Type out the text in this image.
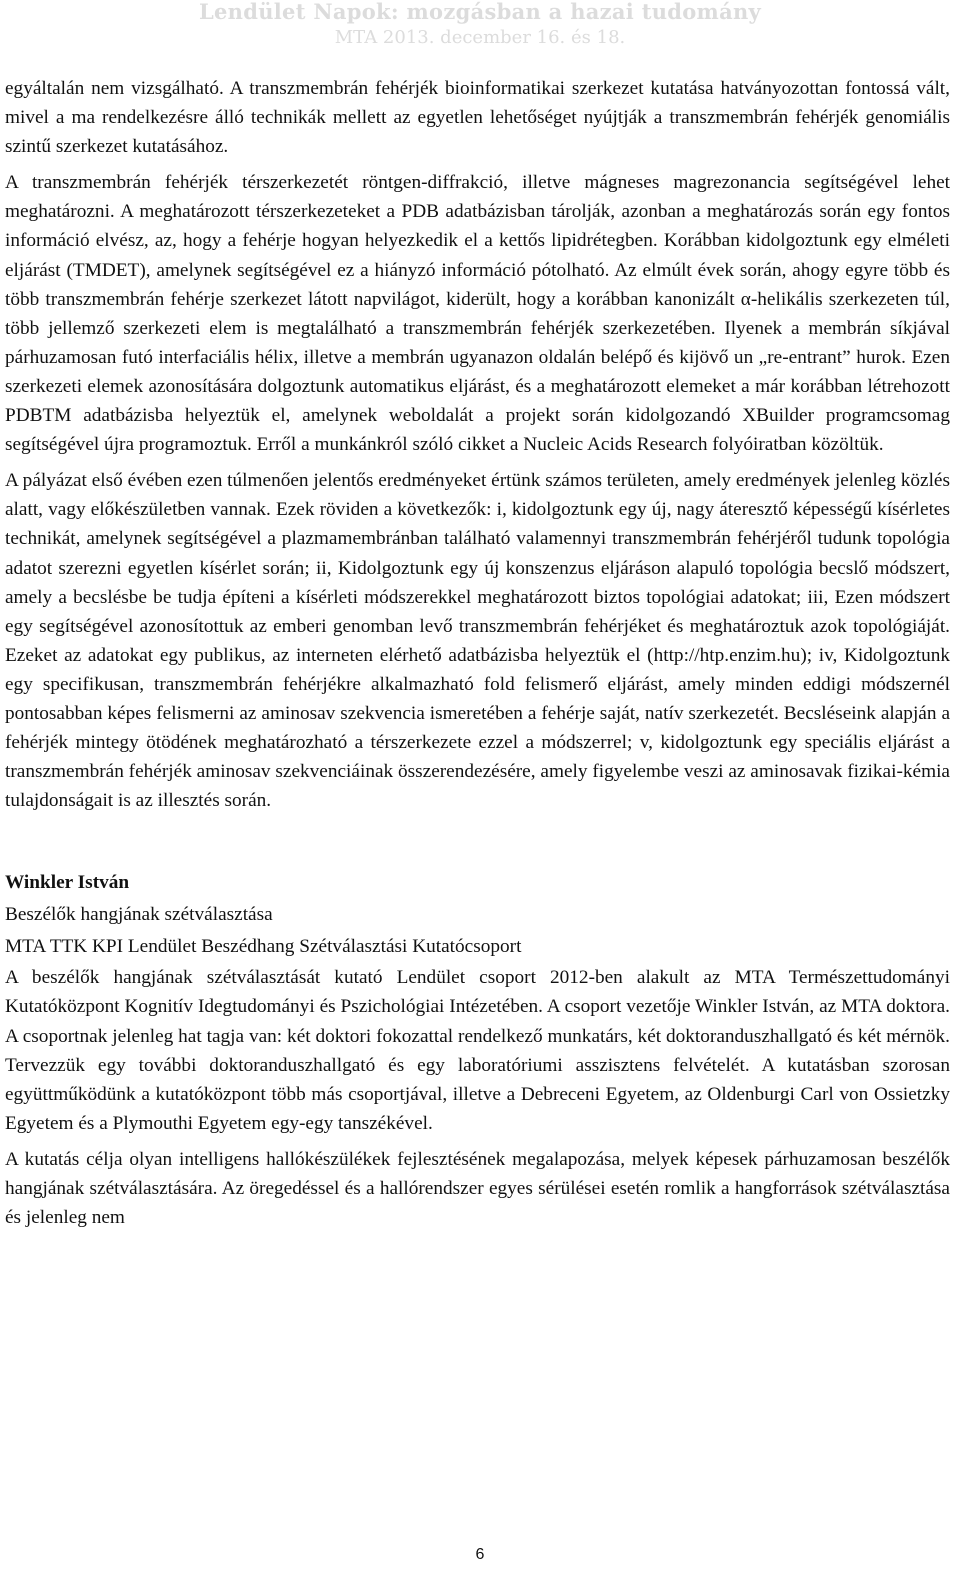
Lendület Napok: mozgásban a hazai tudomány
MTA 2013. december 16. és 18.

egyáltalán nem vizsgálható. A transzmembrán fehérjék bioinformatikai szerkezet kutatása hatványozottan fontossá vált, mivel a ma rendelkezésre álló technikák mellett az egyetlen lehetőséget nyújtják a transzmembrán fehérjék genomiális szintű szerkezet kutatásához.

A transzmembrán fehérjék térszerkezetét röntgen-diffrakció, illetve mágneses magrezonancia segítségével lehet meghatározni. A meghatározott térszerkezeteket a PDB adatbázisban tárolják, azonban a meghatározás során egy fontos információ elvész, az, hogy a fehérje hogyan helyezkedik el a kettős lipidrétegben. Korábban kidolgoztunk egy elméleti eljárást (TMDET), amelynek segítségével ez a hiányzó információ pótolható. Az elmúlt évek során, ahogy egyre több és több transzmembrán fehérje szerkezet látott napvilágot, kiderült, hogy a korábban kanonizált α-helikális szerkezeten túl, több jellemző szerkezeti elem is megtalálható a transzmembrán fehérjék szerkezetében. Ilyenek a membrán síkjával párhuzamosan futó interfaciális hélix, illetve a membrán ugyanazon oldalán belépő és kijövő un „re-entrant” hurok. Ezen szerkezeti elemek azonosítására dolgoztunk automatikus eljárást, és a meghatározott elemeket a már korábban létrehozott PDBTM adatbázisba helyeztük el, amelynek weboldalát a projekt során kidolgozandó XBuilder programcsomag segítségével újra programoztuk. Erről a munkánkról szóló cikket a Nucleic Acids Research folyóiratban közöltük.

A pályázat első évében ezen túlmenően jelentős eredményeket értünk számos területen, amely eredmények jelenleg közlés alatt, vagy előkészületben vannak. Ezek röviden a következők: i, kidolgoztunk egy új, nagy áteresztő képességű kísérletes technikát, amelynek segítségével a plazmamembránban található valamennyi transzmembrán fehérjéről tudunk topológia adatot szerezni egyetlen kísérlet során; ii, Kidolgoztunk egy új konszenzus eljáráson alapuló topológia becslő módszert, amely a becslésbe be tudja építeni a kísérleti módszerekkel meghatározott biztos topológiai adatokat; iii, Ezen módszert egy segítségével azonosítottuk az emberi genomban levő transzmembrán fehérjéket és meghatároztuk azok topológiáját. Ezeket az adatokat egy publikus, az interneten elérhető adatbázisba helyeztük el (http://htp.enzim.hu); iv, Kidolgoztunk egy specifikusan, transzmembrán fehérjékre alkalmazható fold felismerő eljárást, amely minden eddigi módszernél pontosabban képes felismerni az aminosav szekvencia ismeretében a fehérje saját, natív szerkezetét. Becsléseink alapján a fehérjék mintegy ötödének meghatározható a térszerkezete ezzel a módszerrel; v, kidolgoztunk egy speciális eljárást a transzmembrán fehérjék aminosav szekvenciáinak összerendezésére, amely figyelembe veszi az aminosavak fizikai-kémia tulajdonságait is az illesztés során.

Winkler István

Beszélők hangjának szétválasztása

MTA TTK KPI Lendület Beszédhang Szétválasztási Kutatócsoport

A beszélők hangjának szétválasztását kutató Lendület csoport 2012-ben alakult az MTA Természettudományi Kutatóközpont Kognitív Idegtudományi és Pszichológiai Intézetében. A csoport vezetője Winkler István, az MTA doktora. A csoportnak jelenleg hat tagja van: két doktori fokozattal rendelkező munkatárs, két doktoranduszhallgató és két mérnök. Tervezzük egy további doktoranduszhallgató és egy laboratóriumi asszisztens felvételét. A kutatásban szorosan együttműködünk a kutatóközpont több más csoportjával, illetve a Debreceni Egyetem, az Oldenburgi Carl von Ossietzky Egyetem és a Plymouthi Egyetem egy-egy tanszékével.

A kutatás célja olyan intelligens hallókészülékek fejlesztésének megalapozása, melyek képesek párhuzamosan beszélők hangjának szétválasztására. Az öregedéssel és a hallórendszer egyes sérülései esetén romlik a hangforrások szétválasztása és jelenleg nem

6
